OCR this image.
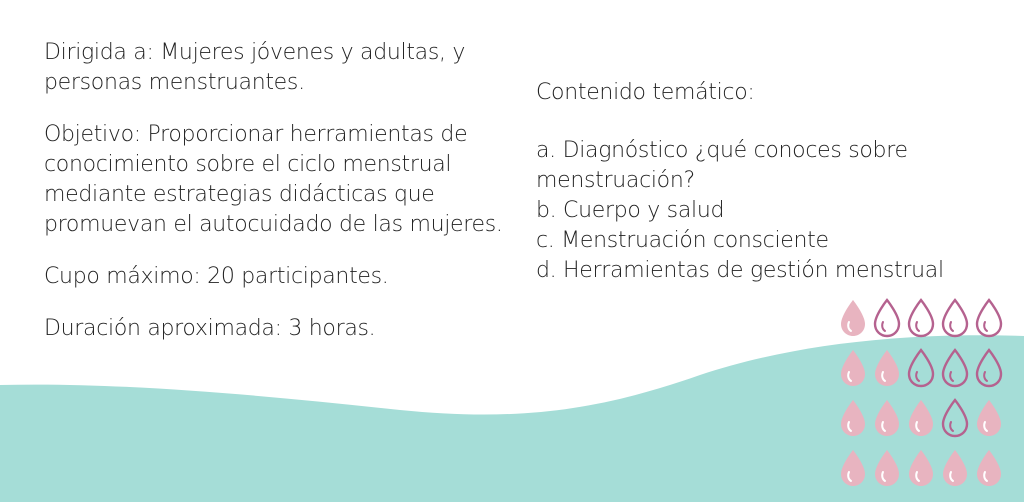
Dirigida a: Mujeres jóvenes y adultas, y personas menstruantes.

Objetivo: Proporcionar herramientas de conocimiento sobre el ciclo menstrual mediante estrategias didácticas que promuevan el autocuidado de las mujeres.

Cupo máximo: 20 participantes.

Duración aproximada: 3 horas.

Contenido temático:

a. Diagnóstico ¿qué conoces sobre menstruación?

b. Cuerpo y salud

c. Menstruación consciente

d. Herramientas de gestión menstrual
